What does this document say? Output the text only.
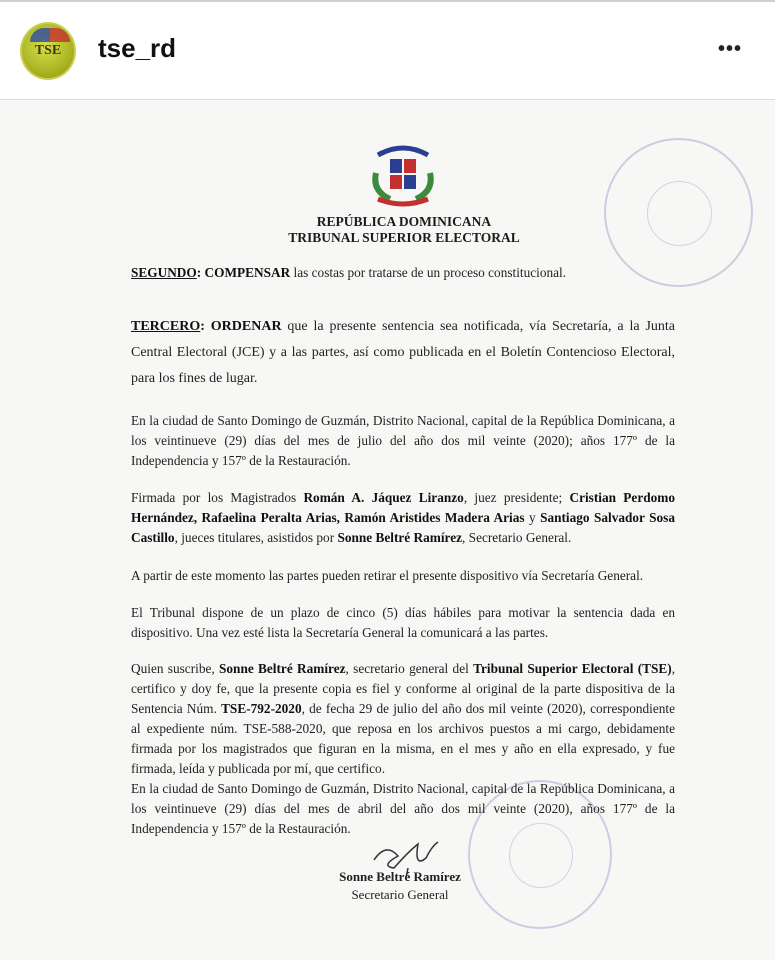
TSE	tse_rd	•••
REPÚBLICA DOMINICANA
TRIBUNAL SUPERIOR ELECTORAL
SEGUNDO: COMPENSAR las costas por tratarse de un proceso constitucional.
TERCERO: ORDENAR que la presente sentencia sea notificada, vía Secretaría, a la Junta Central Electoral (JCE) y a las partes, así como publicada en el Boletín Contencioso Electoral, para los fines de lugar.
En la ciudad de Santo Domingo de Guzmán, Distrito Nacional, capital de la República Dominicana, a los veintinueve (29) días del mes de julio del año dos mil veinte (2020); años 177º de la Independencia y 157º de la Restauración.
Firmada por los Magistrados Román A. Jáquez Liranzo, juez presidente; Cristian Perdomo Hernández, Rafaelina Peralta Arias, Ramón Aristides Madera Arias y Santiago Salvador Sosa Castillo, jueces titulares, asistidos por Sonne Beltré Ramírez, Secretario General.
A partir de este momento las partes pueden retirar el presente dispositivo vía Secretaría General.
El Tribunal dispone de un plazo de cinco (5) días hábiles para motivar la sentencia dada en dispositivo. Una vez esté lista la Secretaría General la comunicará a las partes.
Quien suscribe, Sonne Beltré Ramírez, secretario general del Tribunal Superior Electoral (TSE), certifico y doy fe, que la presente copia es fiel y conforme al original de la parte dispositiva de la Sentencia Núm. TSE-792-2020, de fecha 29 de julio del año dos mil veinte (2020), correspondiente al expediente núm. TSE-588-2020, que reposa en los archivos puestos a mi cargo, debidamente firmada por los magistrados que figuran en la misma, en el mes y año en ella expresado, y fue firmada, leída y publicada por mí, que certifico.
En la ciudad de Santo Domingo de Guzmán, Distrito Nacional, capital de la República Dominicana, a los veintinueve (29) días del mes de abril del año dos mil veinte (2020), años 177º de la Independencia y 157º de la Restauración.
Sonne Beltré Ramírez
Secretario General
